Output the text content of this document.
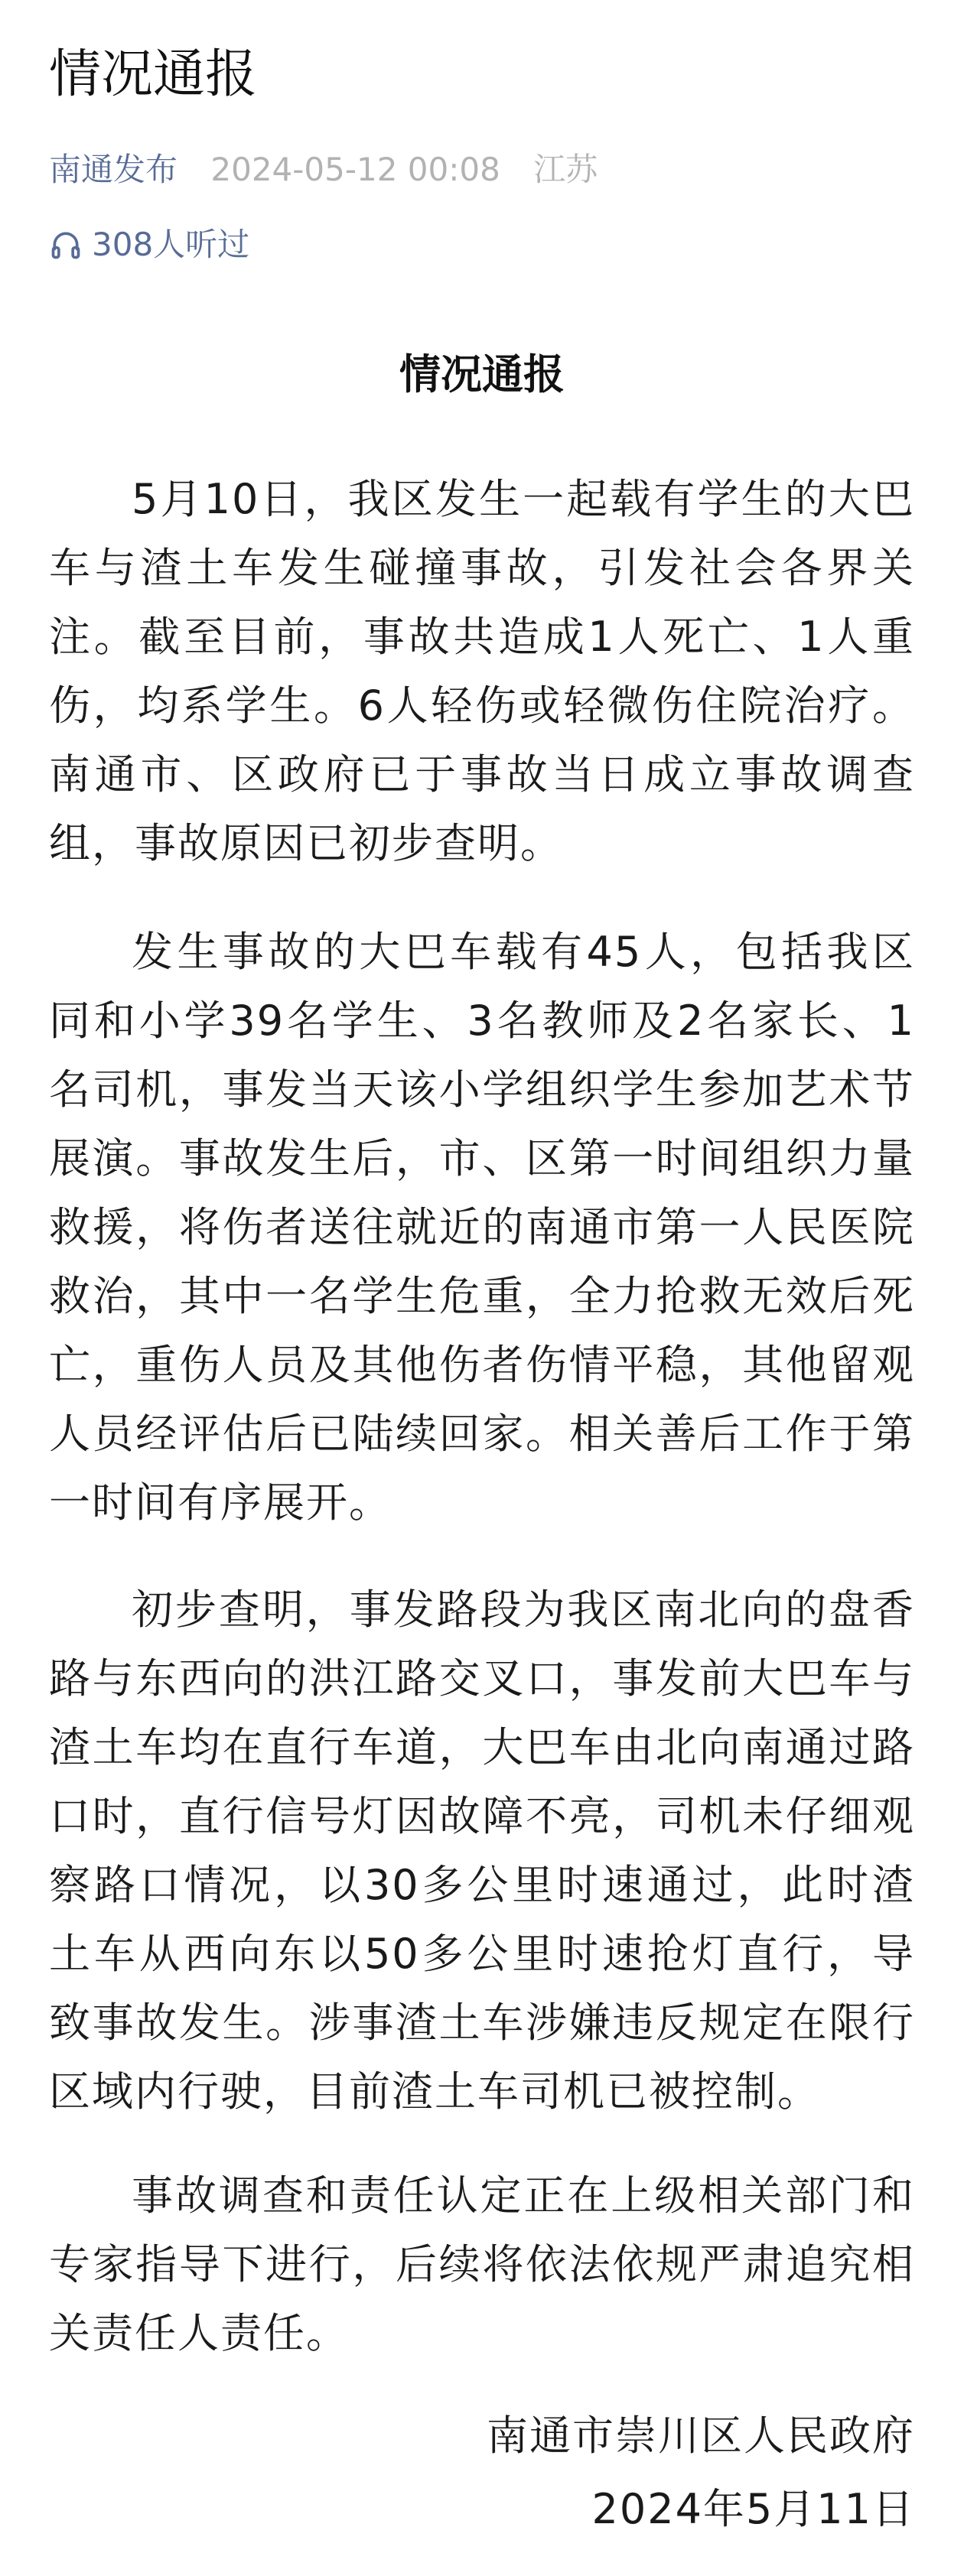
情况通报
南通发布 2024-05-12 00:08 江苏
308人听过
情况通报

5月10日，我区发生一起载有学生的大巴车与渣土车发生碰撞事故，引发社会各界关注。截至目前，事故共造成1人死亡、1人重伤，均系学生。6人轻伤或轻微伤住院治疗。南通市、区政府已于事故当日成立事故调查组，事故原因已初步查明。

发生事故的大巴车载有45人，包括我区同和小学39名学生、3名教师及2名家长、1名司机，事发当天该小学组织学生参加艺术节展演。事故发生后，市、区第一时间组织力量救援，将伤者送往就近的南通市第一人民医院救治，其中一名学生危重，全力抢救无效后死亡，重伤人员及其他伤者伤情平稳，其他留观人员经评估后已陆续回家。相关善后工作于第一时间有序展开。

初步查明，事发路段为我区南北向的盘香路与东西向的洪江路交叉口，事发前大巴车与渣土车均在直行车道，大巴车由北向南通过路口时，直行信号灯因故障不亮，司机未仔细观察路口情况，以30多公里时速通过，此时渣土车从西向东以50多公里时速抢灯直行，导致事故发生。涉事渣土车涉嫌违反规定在限行区域内行驶，目前渣土车司机已被控制。

事故调查和责任认定正在上级相关部门和专家指导下进行，后续将依法依规严肃追究相关责任人责任。

南通市崇川区人民政府

2024年5月11日
